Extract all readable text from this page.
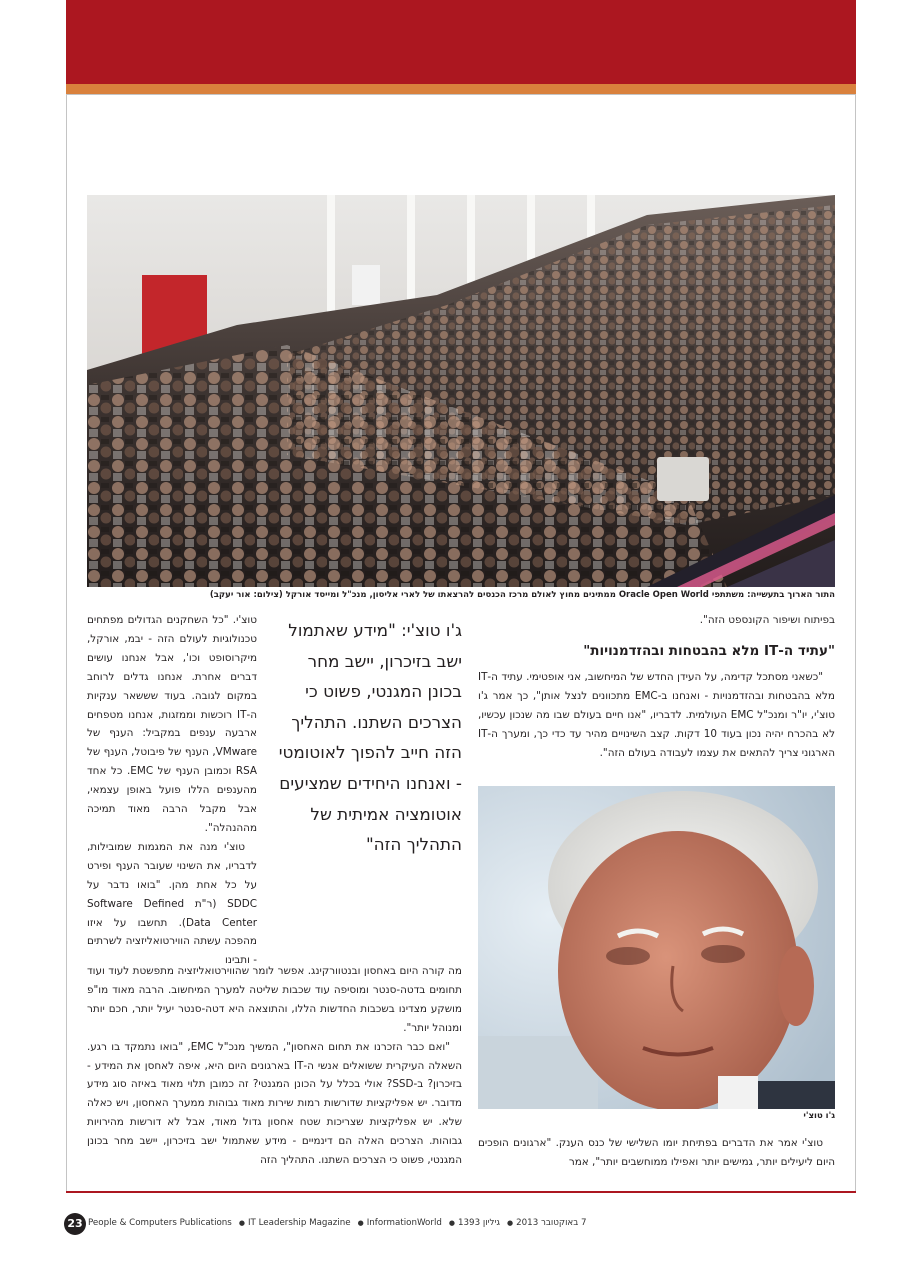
התור הארוך בתעשייה: משתתפי Oracle Open World ממתינים מחוץ לאולם מרכז הכנסים להרצאתו של לארי אליסון, מנכ"ל ומייסד אורקל (צילום: אור יעקב)

בפיתוח ושיפור הקונספט הזה".

"עתיד ה-IT מלא בהבטחות ובהזדמנויות"

"כשאני מסתכל קדימה, על העידן החדש של המיחשוב, אני אופטימי. עתיד ה-IT מלא בהבטחות ובהזדמנויות - ואנחנו ב-EMC מתכוונים לנצל אותן", כך אמר ג'ו טוצ'י, יו"ר ומנכ"ל EMC העולמית. לדבריו, "אנו חיים בעולם שבו מה שנכון עכשיו, לא בהכרח יהיה נכון בעוד 10 דקות. קצב השינויים מהיר עד כדי כך, ומערך ה-IT הארגוני צריך להתאים את עצמו לעבודה בעולם הזה".

ג'ו טוצ'י

טוצ'י אמר את הדברים בפתיחת יומו השלישי של כנס הענק. "ארגונים הופכים היום ליעילים יותר, גמישים יותר ואפילו ממוחשבים יותר", אמר

ג'ו טוצ'י: "מידע שאתמול ישב בזיכרון, יישב מחר בכונן המגנטי, פשוט כי הצרכים השתנו. התהליך הזה חייב להפוך לאוטומטי - ואנחנו היחידים שמציעים אוטומציה אמיתית של התהליך הזה"

טוצ'י. "כל השחקנים הגדולים מפתחים טכנולוגיות לעולם הזה - יבמ, אורקל, מיקרוסופט וכו', אבל אנחנו עושים דברים אחרת. אנחנו גדלים לרוחב במקום לגובה. בעוד שששאר ענקיות ה-IT רוכשות וממזגות, אנחנו מטפחים ארבעה ענפים במקביל: הענף של VMware, הענף של פיבוטל, הענף של RSA וכמובן הענף של EMC. כל אחד מהענפים הללו פועל באופן עצמאי, אבל מקבל הרבה מאוד תמיכה מההנהלה".

טוצ'י מנה את המגמות שמובילות, לדבריו, את השינוי שעובר הענף ופירט על כל אחת מהן. "בואו נדבר על SDDC (ר"ת Software Defined Data Center). תחשבו על איזו מהפכה עשתה הווירטואליזציה לשרתים - ותבינו

מה קורה היום באחסון ובנטוורקינג. אפשר לומר שהווירטואליזציה מתפשטת לעוד ועוד תחומים בדטה-סנטר ומוסיפה עוד שכבות שליטה למערך המיחשוב. הרבה מאוד מו"פ מושקע מצדינו בשכבות החדשות הללו, והתוצאה היא דטה-סנטר יעיל יותר, חכם יותר ומנוהל יותר".

"ואם כבר הזכרנו את תחום האחסון", המשיך מנכ"ל EMC, "בואו נתמקד בו רגע. השאלה העיקרית ששואלים אנשי ה-IT בארגונים היום היא, איפה לאחסן את המידע - בזיכרון? ב-SSD? אולי בכלל על הכונן המגנטי? זה כמובן תלוי מאוד באיזה סוג מידע מדובר. יש אפליקציות שדורשות רמות שירות מאוד גבוהות ממערך האחסון, ויש כאלה שלא. יש אפליקציות שצריכות שטח אחסון גדול מאוד, אבל לא דורשות מהירויות גבוהות. הצרכים האלה הם דינמיים - מידע שאתמול ישב בזיכרון, יישב מחר בכונן המגנטי, פשוט כי הצרכים השתנו. התהליך הזה

23 People & Computers Publications ● IT Leadership Magazine ● InformationWorld ●	7 באוקטובר 2013●גיליון 1393
